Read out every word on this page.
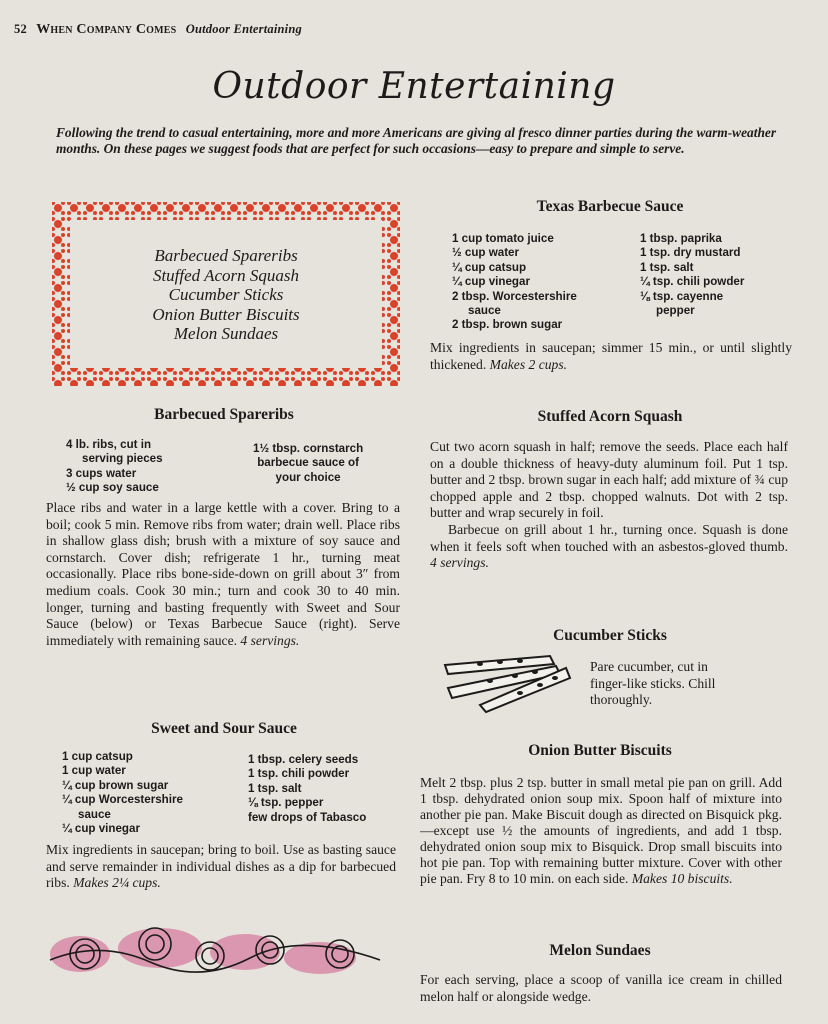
52 When Company Comes Outdoor Entertaining
Outdoor Entertaining
Following the trend to casual entertaining, more and more Americans are giving al fresco dinner parties during the warm-weather months. On these pages we suggest foods that are perfect for such occasions—easy to prepare and simple to serve.
Barbecued Spareribs
Stuffed Acorn Squash
Cucumber Sticks
Onion Butter Biscuits
Melon Sundaes
Barbecued Spareribs
4 lb. ribs, cut in
serving pieces
3 cups water
½ cup soy sauce
1½ tbsp. cornstarch
barbecue sauce of
your choice

Place ribs and water in a large kettle with a cover. Bring to a boil; cook 5 min. Remove ribs from water; drain well. Place ribs in shallow glass dish; brush with a mixture of soy sauce and cornstarch. Cover dish; refrigerate 1 hr., turning meat occasionally. Place ribs bone-side-down on grill about 3″ from medium coals. Cook 30 min.; turn and cook 30 to 40 min. longer, turning and basting frequently with Sweet and Sour Sauce (below) or Texas Barbecue Sauce (right). Serve immediately with remaining sauce. 4 servings.

Sweet and Sour Sauce
1 cup catsup
1 cup water
¼ cup brown sugar
¼ cup Worcestershire
sauce
¼ cup vinegar
1 tbsp. celery seeds
1 tsp. chili powder
1 tsp. salt
⅛ tsp. pepper
few drops of Tabasco

Mix ingredients in saucepan; bring to boil. Use as basting sauce and serve remainder in individual dishes as a dip for barbecued ribs. Makes 2¼ cups.

Texas Barbecue Sauce
1 cup tomato juice
½ cup water
¼ cup catsup
¼ cup vinegar
2 tbsp. Worcestershire
sauce
2 tbsp. brown sugar
1 tbsp. paprika
1 tsp. dry mustard
1 tsp. salt
¼ tsp. chili powder
⅛ tsp. cayenne
pepper

Mix ingredients in saucepan; simmer 15 min., or until slightly thickened. Makes 2 cups.

Stuffed Acorn Squash

Cut two acorn squash in half; remove the seeds. Place each half on a double thickness of heavy-duty aluminum foil. Put 1 tsp. butter and 2 tbsp. brown sugar in each half; add mixture of ¾ cup chopped apple and 2 tbsp. chopped walnuts. Dot with 2 tsp. butter and wrap securely in foil.

Barbecue on grill about 1 hr., turning once. Squash is done when it feels soft when touched with an asbestos-gloved thumb. 4 servings.

Cucumber Sticks
Pare cucumber, cut in finger-like sticks. Chill thoroughly.
Onion Butter Biscuits

Melt 2 tbsp. plus 2 tsp. butter in small metal pie pan on grill. Add 1 tbsp. dehydrated onion soup mix. Spoon half of mixture into another pie pan. Make Biscuit dough as directed on Bisquick pkg.—except use ½ the amounts of ingredients, and add 1 tbsp. dehydrated onion soup mix to Bisquick. Drop small biscuits into hot pie pan. Top with remaining butter mixture. Cover with other pie pan. Fry 8 to 10 min. on each side. Makes 10 biscuits.

Melon Sundaes
For each serving, place a scoop of vanilla ice cream in chilled melon half or alongside wedge.
